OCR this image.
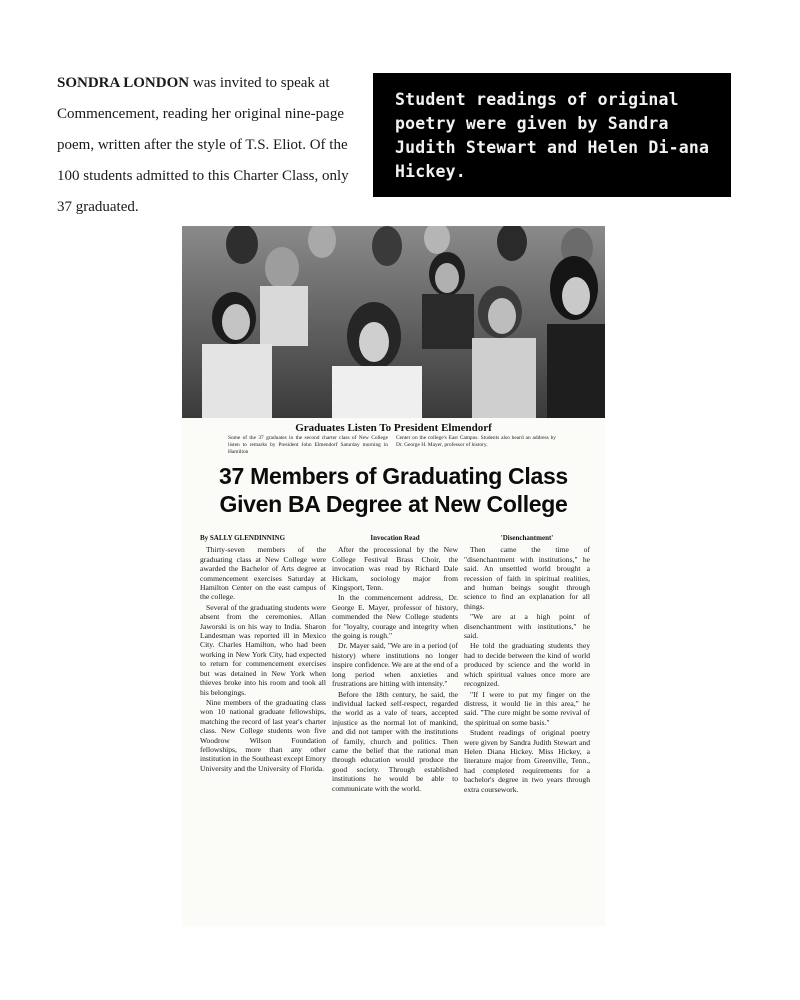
SONDRA LONDON was invited to speak at Commencement, reading her original nine-page poem, written after the style of T.S. Eliot. Of the 100 students admitted to this Charter Class, only 37 graduated.
Student readings of original poetry were given by Sandra Judith Stewart and Helen Di-ana Hickey.
Graduates Listen To President Elmendorf
Some of the 37 graduates in the second charter class of New College listen to remarks by President John Elmendorf Saturday morning in Hamilton
Center on the college's East Campus. Students also heard an address by Dr. George H. Mayer, professor of history.
37 Members of Graduating Class
Given BA Degree at New College

By SALLY GLENDINNING

Thirty-seven members of the graduating class at New College were awarded the Bachelor of Arts degree at commencement exercises Saturday at Hamilton Center on the east campus of the college.

Several of the graduating students were absent from the ceremonies. Allan Jaworski is on his way to India. Sharon Landesman was reported ill in Mexico City. Charles Hamilton, who had been working in New York City, had expected to return for commencement exercises but was detained in New York when thieves broke into his room and took all his belongings.

Nine members of the graduating class won 10 national graduate fellowships, matching the record of last year's charter class. New College students won five Woodrow Wilson Foundation fellowships, more than any other institution in the Southeast except Emory University and the University of Florida.

Invocation Read

After the processional by the New College Festival Brass Choir, the invocation was read by Richard Dale Hickam, sociology major from Kingsport, Tenn.

In the commencement address, Dr. George E. Mayer, professor of history, commended the New College students for "loyalty, courage and integrity when the going is rough."

Dr. Mayer said, "We are in a period (of history) where institutions no longer inspire confidence. We are at the end of a long period when anxieties and frustrations are hitting with intensity."

Before the 18th century, he said, the individual lacked self-respect, regarded the world as a vale of tears, accepted injustice as the normal lot of mankind, and did not tamper with the institutions of family, church and politics. Then came the belief that the rational man through education would produce the good society. Through established institutions he would be able to communicate with the world.

'Disenchantment'

Then came the time of "disenchantment with institutions," he said. An unsettled world brought a recession of faith in spiritual realities, and human beings sought through science to find an explanation for all things.

"We are at a high point of disenchantment with institutions," he said.

He told the graduating students they had to decide between the kind of world produced by science and the world in which spiritual values once more are recognized.

"If I were to put my finger on the distress, it would lie in this area," he said. "The cure might be some revival of the spiritual on some basis."

Student readings of original poetry were given by Sandra Judith Stewart and Helen Diana Hickey. Miss Hickey, a literature major from Greenville, Tenn., had completed requirements for a bachelor's degree in two years through extra coursework.
